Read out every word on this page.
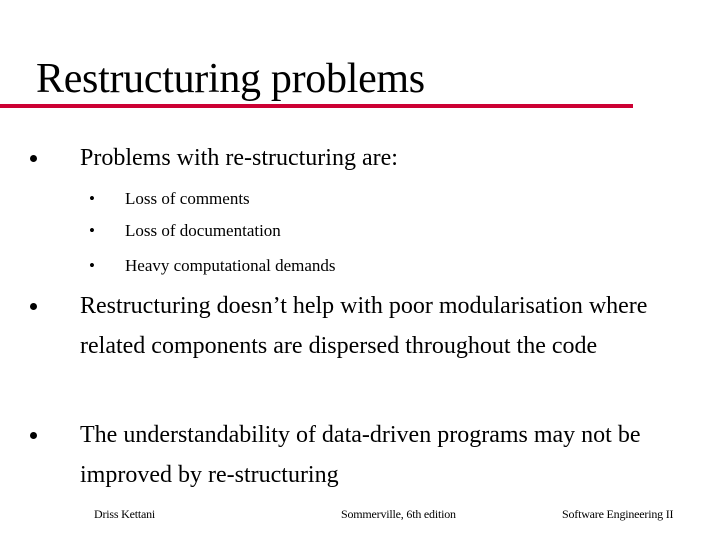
Restructuring problems
Problems with re-structuring are:
• Loss of comments
• Loss of documentation
• Heavy computational demands
Restructuring doesn’t help with poor modularisation where related components are dispersed throughout the code
The understandability of data-driven programs may not be improved by re-structuring
Driss Kettani	Sommerville, 6th edition	Software Engineering II
